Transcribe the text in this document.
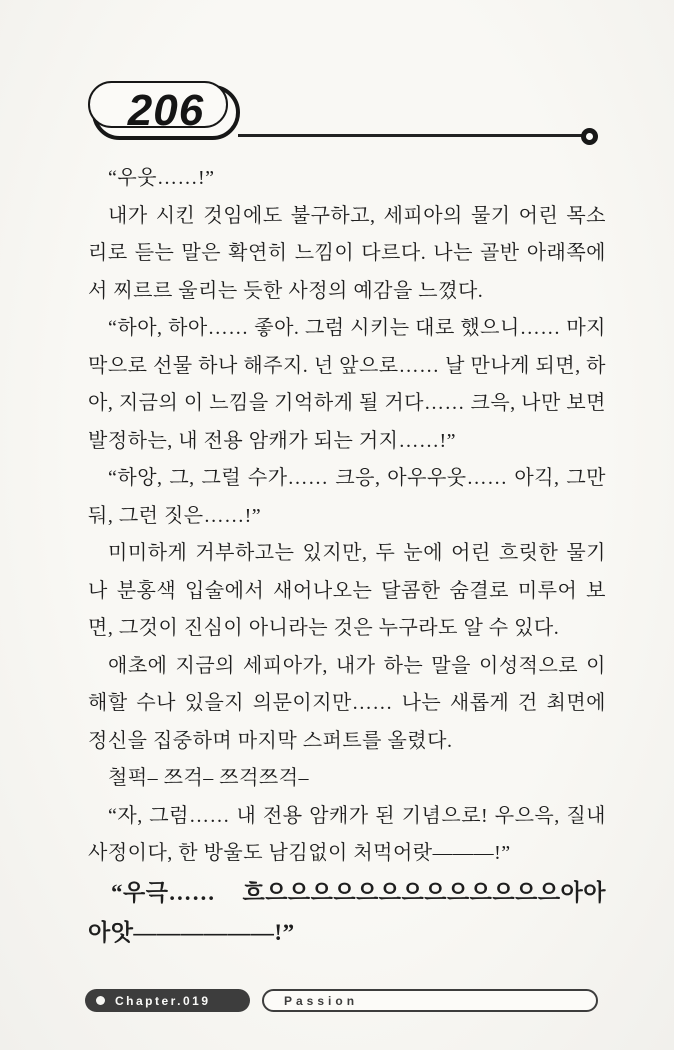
206

“우웃……!”

내가 시킨 것임에도 불구하고, 세피아의 물기 어린 목소리로 듣는 말은 확연히 느낌이 다르다. 나는 골반 아래쪽에서 찌르르 울리는 듯한 사정의 예감을 느꼈다.

“하아, 하아…… 좋아. 그럼 시키는 대로 했으니…… 마지막으로 선물 하나 해주지. 넌 앞으로…… 날 만나게 되면, 하아, 지금의 이 느낌을 기억하게 될 거다…… 크윽, 나만 보면 발정하는, 내 전용 암캐가 되는 거지……!”

“하앙, 그, 그럴 수가…… 크응, 아우우웃…… 아긱, 그만 둬, 그런 짓은……!”

미미하게 거부하고는 있지만, 두 눈에 어린 흐릿한 물기나 분홍색 입술에서 새어나오는 달콤한 숨결로 미루어 보면, 그것이 진심이 아니라는 것은 누구라도 알 수 있다.

애초에 지금의 세피아가, 내가 하는 말을 이성적으로 이해할 수나 있을지 의문이지만…… 나는 새롭게 건 최면에 정신을 집중하며 마지막 스퍼트를 올렸다.

철퍽– 쯔걱– 쯔걱쯔걱–

“자, 그럼…… 내 전용 암캐가 된 기념으로! 우으윽, 질내사정이다, 한 방울도 남김없이 처먹어랏———!”

“우극…… 흐으으으으으으으으으으으으으아아아앗——————!”

Chapter.019	Passion
